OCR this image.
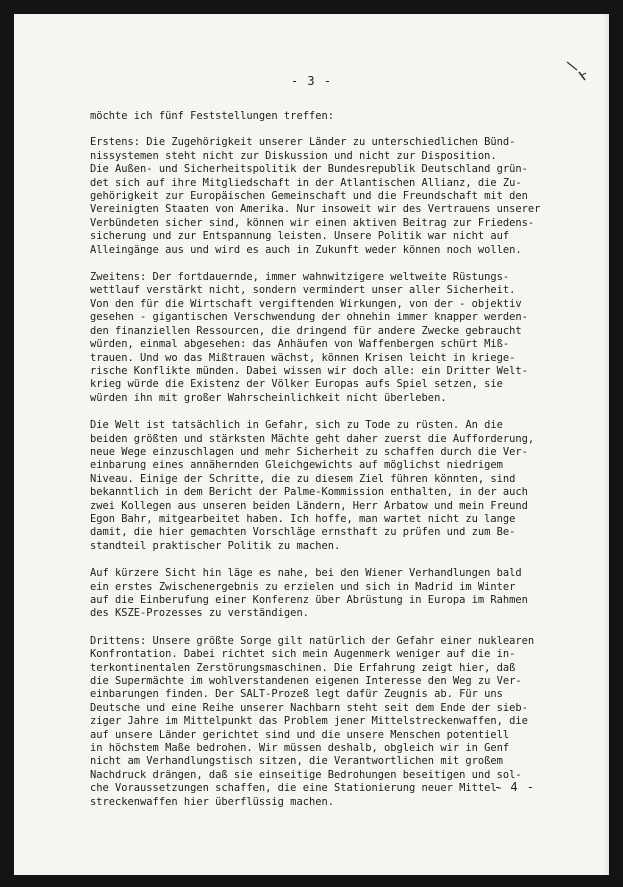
- 3 -
möchte ich fünf Feststellungen treffen:
Erstens: Die Zugehörigkeit unserer Länder zu unterschiedlichen Bünd-
nissystemen steht nicht zur Diskussion und nicht zur Disposition.
Die Außen- und Sicherheitspolitik der Bundesrepublik Deutschland grün-
det sich auf ihre Mitgliedschaft in der Atlantischen Allianz, die Zu-
gehörigkeit zur Europäischen Gemeinschaft und die Freundschaft mit den
Vereinigten Staaten von Amerika. Nur insoweit wir des Vertrauens unserer
Verbündeten sicher sind, können wir einen aktiven Beitrag zur Friedens-
sicherung und zur Entspannung leisten. Unsere Politik war nicht auf
Alleingänge aus und wird es auch in Zukunft weder können noch wollen.
Zweitens: Der fortdauernde, immer wahnwitzigere weltweite Rüstungs-
wettlauf verstärkt nicht, sondern vermindert unser aller Sicherheit.
Von den für die Wirtschaft vergiftenden Wirkungen, von der - objektiv
gesehen - gigantischen Verschwendung der ohnehin immer knapper werden-
den finanziellen Ressourcen, die dringend für andere Zwecke gebraucht
würden, einmal abgesehen: das Anhäufen von Waffenbergen schürt Miß-
trauen. Und wo das Mißtrauen wächst, können Krisen leicht in kriege-
rische Konflikte münden. Dabei wissen wir doch alle: ein Dritter Welt-
krieg würde die Existenz der Völker Europas aufs Spiel setzen, sie
würden ihn mit großer Wahrscheinlichkeit nicht überleben.
Die Welt ist tatsächlich in Gefahr, sich zu Tode zu rüsten. An die
beiden größten und stärksten Mächte geht daher zuerst die Aufforderung,
neue Wege einzuschlagen und mehr Sicherheit zu schaffen durch die Ver-
einbarung eines annähernden Gleichgewichts auf möglichst niedrigem
Niveau. Einige der Schritte, die zu diesem Ziel führen könnten, sind
bekanntlich in dem Bericht der Palme-Kommission enthalten, in der auch
zwei Kollegen aus unseren beiden Ländern, Herr Arbatow und mein Freund
Egon Bahr, mitgearbeitet haben. Ich hoffe, man wartet nicht zu lange
damit, die hier gemachten Vorschläge ernsthaft zu prüfen und zum Be-
standteil praktischer Politik zu machen.
Auf kürzere Sicht hin läge es nahe, bei den Wiener Verhandlungen bald
ein erstes Zwischenergebnis zu erzielen und sich in Madrid im Winter
auf die Einberufung einer Konferenz über Abrüstung in Europa im Rahmen
des KSZE-Prozesses zu verständigen.
Drittens: Unsere größte Sorge gilt natürlich der Gefahr einer nuklearen
Konfrontation. Dabei richtet sich mein Augenmerk weniger auf die in-
terkontinentalen Zerstörungsmaschinen. Die Erfahrung zeigt hier, daß
die Supermächte im wohlverstandenen eigenen Interesse den Weg zu Ver-
einbarungen finden. Der SALT-Prozeß legt dafür Zeugnis ab. Für uns
Deutsche und eine Reihe unserer Nachbarn steht seit dem Ende der sieb-
ziger Jahre im Mittelpunkt das Problem jener Mittelstreckenwaffen, die
auf unsere Länder gerichtet sind und die unsere Menschen potentiell
in höchstem Maße bedrohen. Wir müssen deshalb, obgleich wir in Genf
nicht am Verhandlungstisch sitzen, die Verantwortlichen mit großem
Nachdruck drängen, daß sie einseitige Bedrohungen beseitigen und sol-
che Voraussetzungen schaffen, die eine Stationierung neuer Mittel-
streckenwaffen hier überflüssig machen.
- 4 -
